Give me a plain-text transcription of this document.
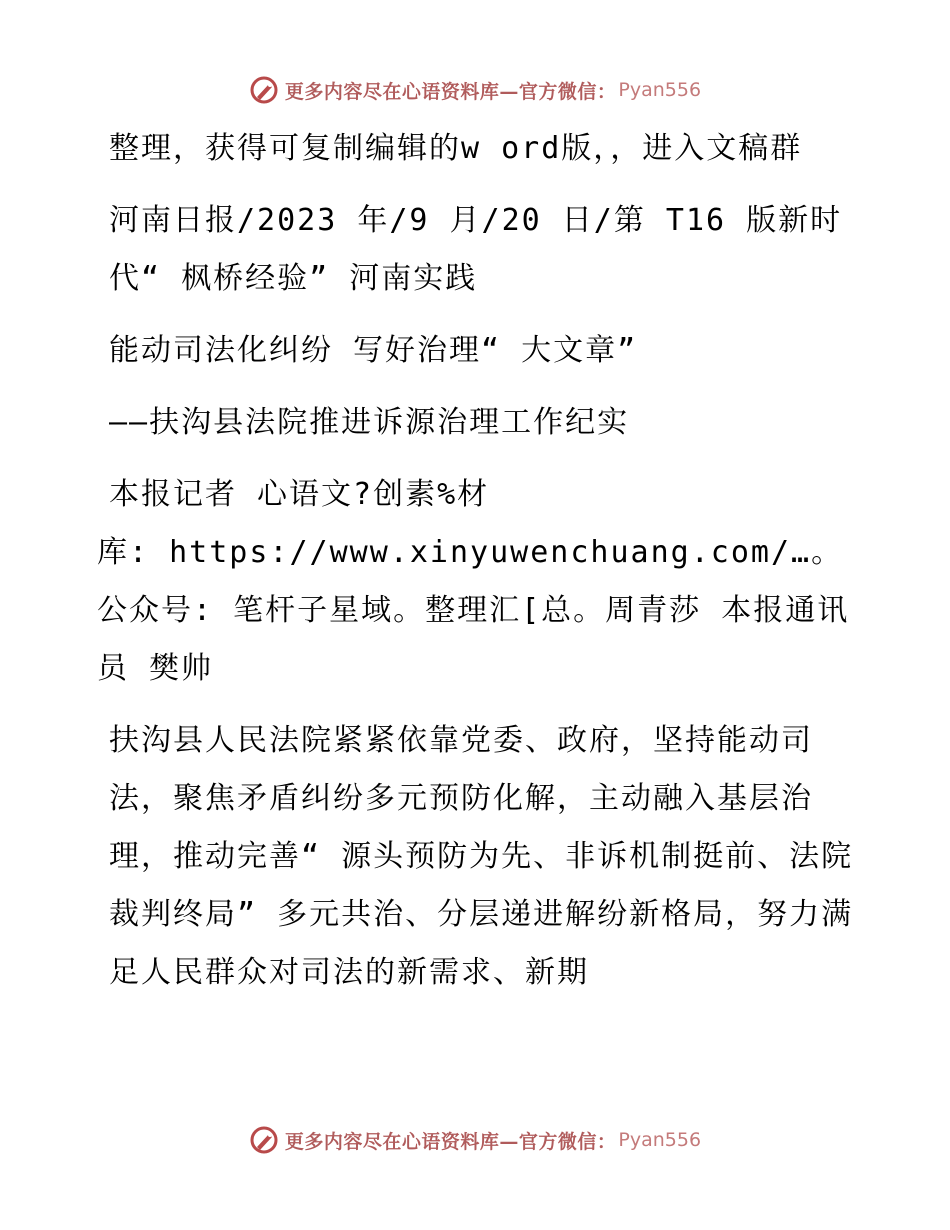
更多内容尽在心语资料库—官方微信： Pyan556

整理，获得可复制编辑的w ord版，，进入文稿群

河南日报/2023 年/9 月/20 日/第 T16 版新时代“ 枫桥经验” 河南实践

能动司法化纠纷 写好治理“ 大文章”

——扶沟县法院推进诉源治理工作纪实

本报记者 心语文?创素%材

库: https://www.xinyuwenchuang.com/…。公众号: 笔杆子星域。整理汇[总。周青莎 本报通讯员 樊帅

扶沟县人民法院紧紧依靠党委、政府，坚持能动司法，聚焦矛盾纠纷多元预防化解，主动融入基层治理，推动完善“ 源头预防为先、非诉机制挺前、法院裁判终局” 多元共治、分层递进解纷新格局，努力满足人民群众对司法的新需求、新期

更多内容尽在心语资料库—官方微信： Pyan556
